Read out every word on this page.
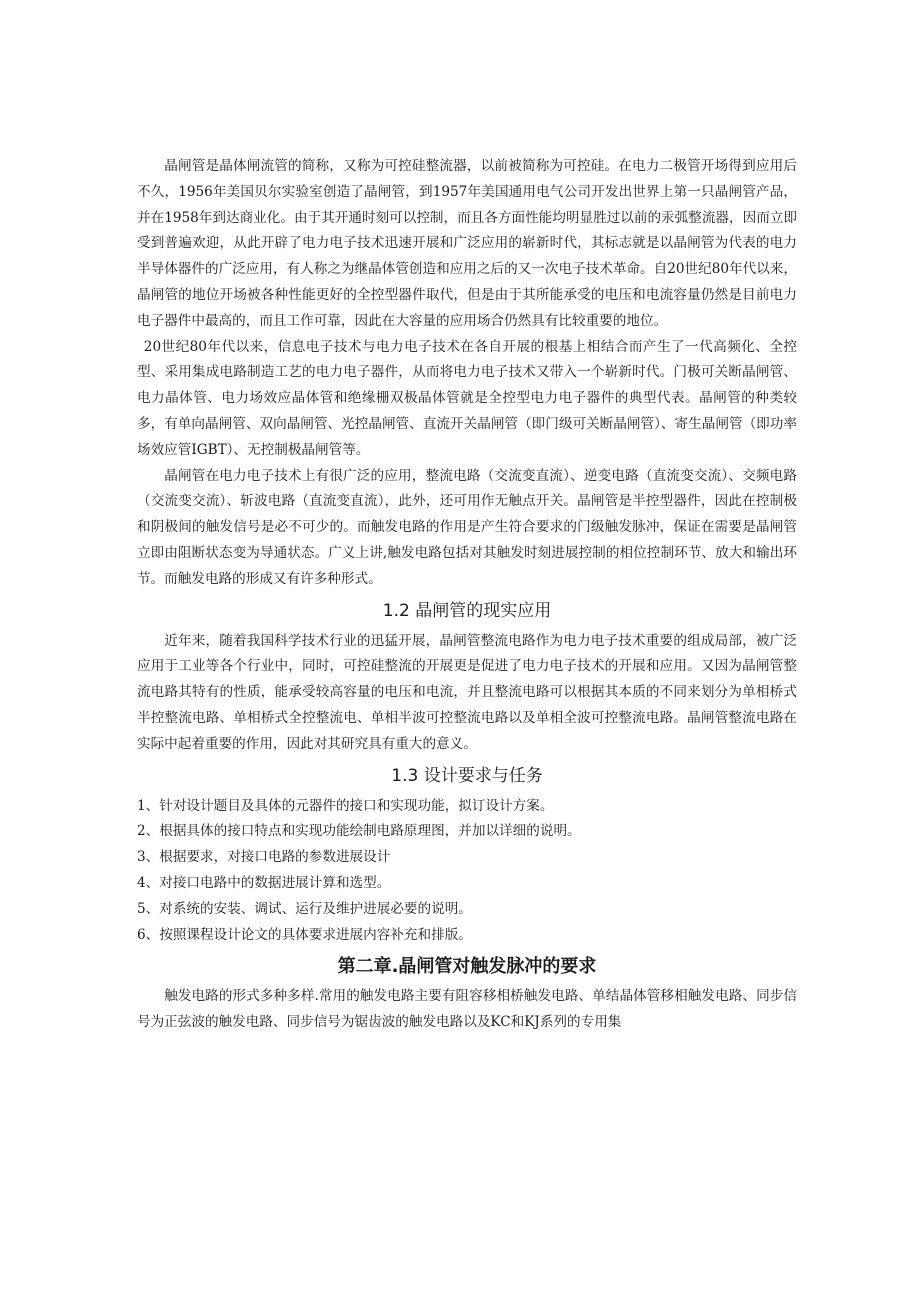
晶闸管是晶体闸流管的简称，又称为可控硅整流器，以前被简称为可控硅。在电力二极管开场得到应用后不久，1956年美国贝尔实验室创造了晶闸管，到1957年美国通用电气公司开发出世界上第一只晶闸管产品，并在1958年到达商业化。由于其开通时刻可以控制，而且各方面性能均明显胜过以前的汞弧整流器，因而立即受到普遍欢迎，从此开辟了电力电子技术迅速开展和广泛应用的崭新时代，其标志就是以晶闸管为代表的电力半导体器件的广泛应用，有人称之为继晶体管创造和应用之后的又一次电子技术革命。自20世纪80年代以来，晶闸管的地位开场被各种性能更好的全控型器件取代，但是由于其所能承受的电压和电流容量仍然是目前电力电子器件中最高的，而且工作可靠，因此在大容量的应用场合仍然具有比较重要的地位。

20世纪80年代以来，信息电子技术与电力电子技术在各自开展的根基上相结合而产生了一代高频化、全控型、采用集成电路制造工艺的电力电子器件，从而将电力电子技术又带入一个崭新时代。门极可关断晶闸管、电力晶体管、电力场效应晶体管和绝缘栅双极晶体管就是全控型电力电子器件的典型代表。晶闸管的种类较多，有单向晶闸管、双向晶闸管、光控晶闸管、直流开关晶闸管（即门级可关断晶闸管）、寄生晶闸管（即功率场效应管IGBT）、无控制极晶闸管等。

晶闸管在电力电子技术上有很广泛的应用，整流电路（交流变直流）、逆变电路（直流变交流）、交频电路（交流变交流）、斩波电路（直流变直流），此外，还可用作无触点开关。晶闸管是半控型器件，因此在控制极和阴极间的触发信号是必不可少的。而触发电路的作用是产生符合要求的门级触发脉冲，保证在需要是晶闸管立即由阻断状态变为导通状态。广义上讲,触发电路包括对其触发时刻进展控制的相位控制环节、放大和输出环节。而触发电路的形成又有许多种形式。

1.2 晶闸管的现实应用

近年来，随着我国科学技术行业的迅猛开展，晶闸管整流电路作为电力电子技术重要的组成局部，被广泛应用于工业等各个行业中，同时，可控硅整流的开展更是促进了电力电子技术的开展和应用。又因为晶闸管整流电路其特有的性质，能承受较高容量的电压和电流，并且整流电路可以根据其本质的不同来划分为单相桥式半控整流电路、单相桥式全控整流电、单相半波可控整流电路以及单相全波可控整流电路。晶闸管整流电路在实际中起着重要的作用，因此对其研究具有重大的意义。

1.3 设计要求与任务

1、针对设计题目及具体的元器件的接口和实现功能，拟订设计方案。

2、根据具体的接口特点和实现功能绘制电路原理图，并加以详细的说明。

3、根据要求，对接口电路的参数进展设计

4、对接口电路中的数据进展计算和选型。

5、对系统的安装、调试、运行及维护进展必要的说明。

6、按照课程设计论文的具体要求进展内容补充和排版。

第二章.晶闸管对触发脉冲的要求

触发电路的形式多种多样.常用的触发电路主要有阻容移相桥触发电路、单结晶体管移相触发电路、同步信号为正弦波的触发电路、同步信号为锯齿波的触发电路以及KC和KJ系列的专用集
